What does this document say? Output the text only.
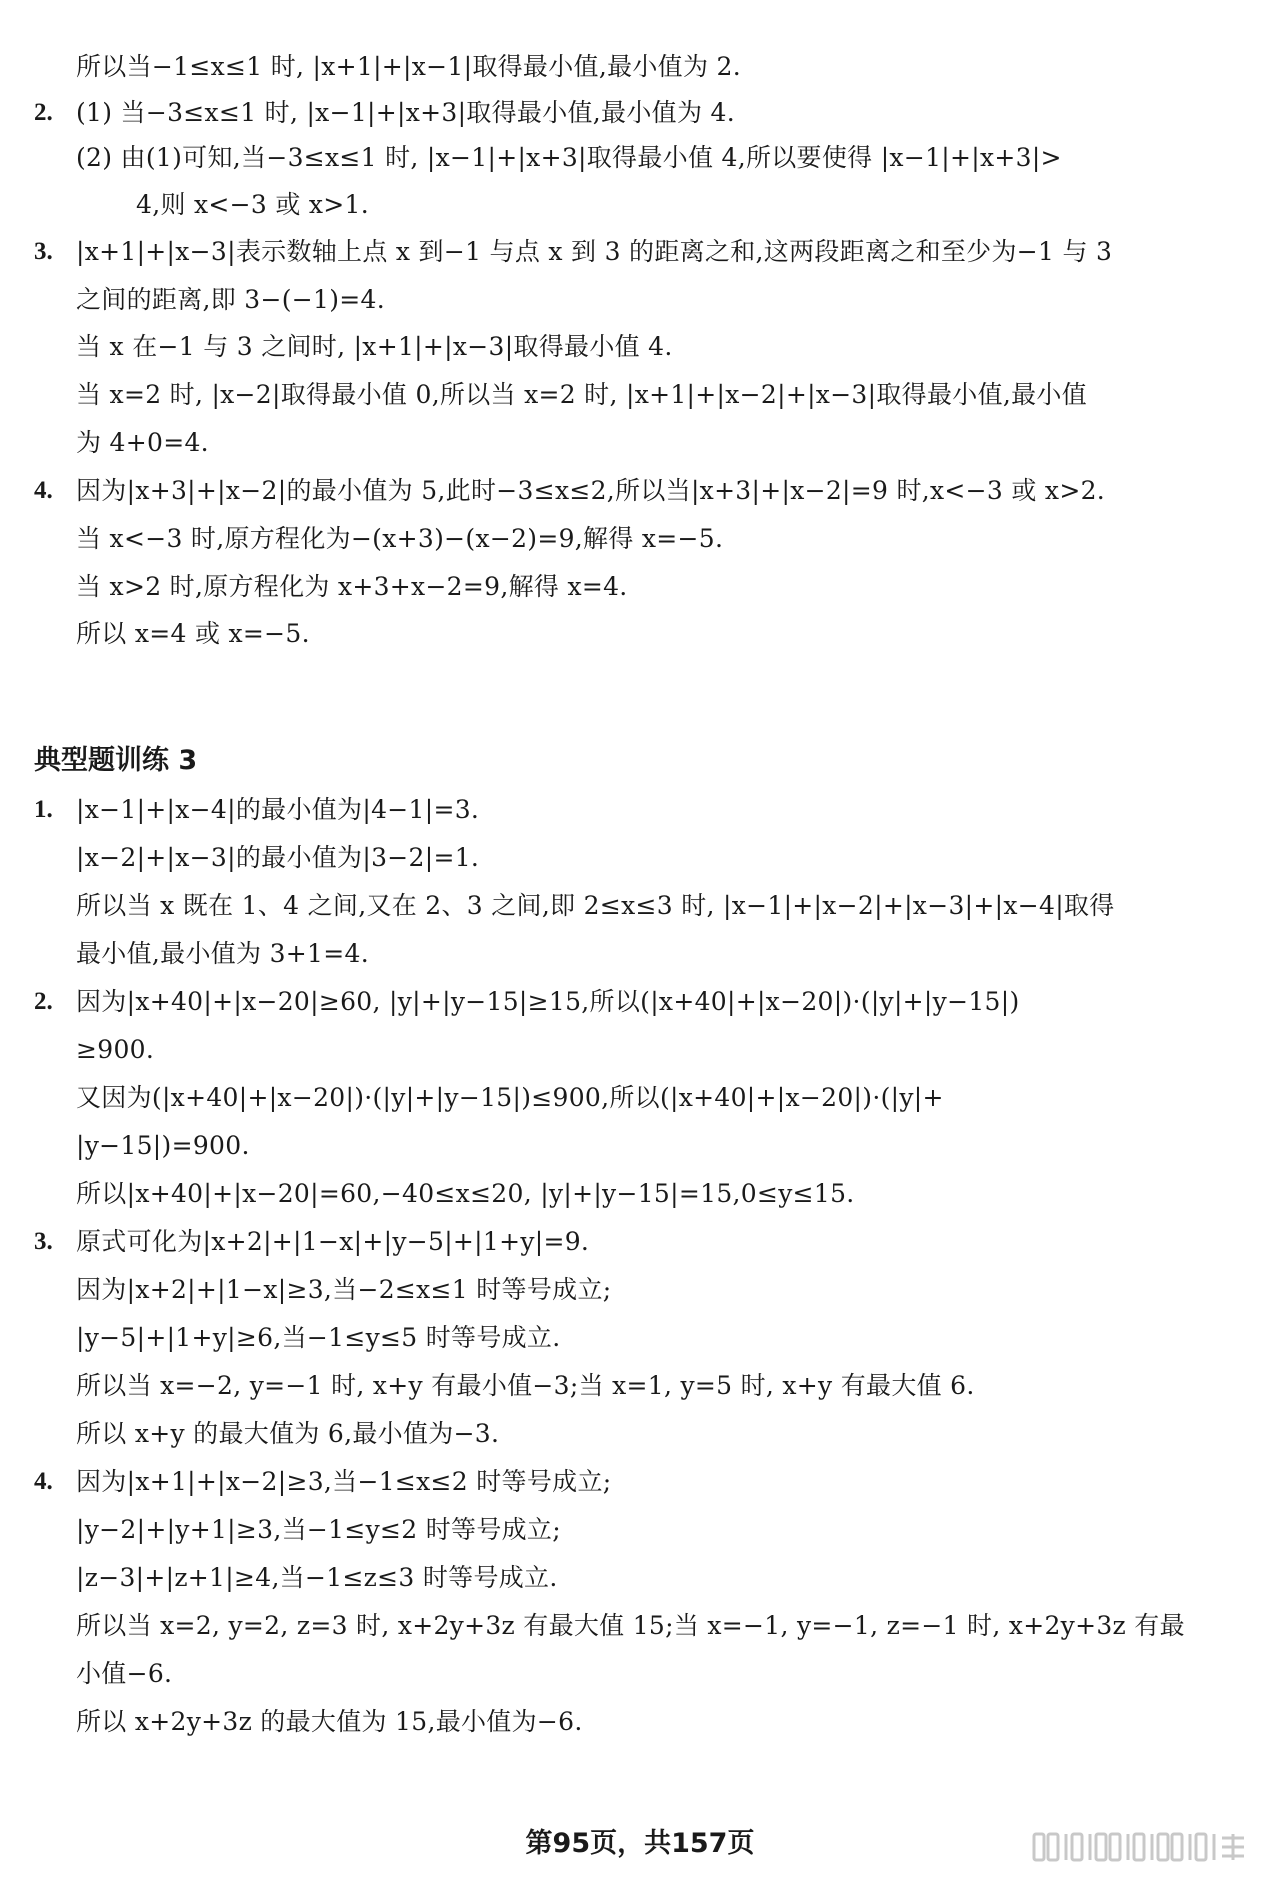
所以当−1≤x≤1 时, |x+1|+|x−1|取得最小值,最小值为 2.
2. (1) 当−3≤x≤1 时, |x−1|+|x+3|取得最小值,最小值为 4.
(2) 由(1)可知,当−3≤x≤1 时, |x−1|+|x+3|取得最小值 4,所以要使得 |x−1|+|x+3|>
4,则 x<−3 或 x>1.
3. |x+1|+|x−3|表示数轴上点 x 到−1 与点 x 到 3 的距离之和,这两段距离之和至少为−1 与 3
之间的距离,即 3−(−1)=4.
当 x 在−1 与 3 之间时, |x+1|+|x−3|取得最小值 4.
当 x=2 时, |x−2|取得最小值 0,所以当 x=2 时, |x+1|+|x−2|+|x−3|取得最小值,最小值
为 4+0=4.
4. 因为|x+3|+|x−2|的最小值为 5,此时−3≤x≤2,所以当|x+3|+|x−2|=9 时,x<−3 或 x>2.
当 x<−3 时,原方程化为−(x+3)−(x−2)=9,解得 x=−5.
当 x>2 时,原方程化为 x+3+x−2=9,解得 x=4.
所以 x=4 或 x=−5.
典型题训练 3
1. |x−1|+|x−4|的最小值为|4−1|=3.
|x−2|+|x−3|的最小值为|3−2|=1.
所以当 x 既在 1、4 之间,又在 2、3 之间,即 2≤x≤3 时, |x−1|+|x−2|+|x−3|+|x−4|取得
最小值,最小值为 3+1=4.
2. 因为|x+40|+|x−20|≥60, |y|+|y−15|≥15,所以(|x+40|+|x−20|)·(|y|+|y−15|)
≥900.
又因为(|x+40|+|x−20|)·(|y|+|y−15|)≤900,所以(|x+40|+|x−20|)·(|y|+
|y−15|)=900.
所以|x+40|+|x−20|=60,−40≤x≤20, |y|+|y−15|=15,0≤y≤15.
3. 原式可化为|x+2|+|1−x|+|y−5|+|1+y|=9.
因为|x+2|+|1−x|≥3,当−2≤x≤1 时等号成立;
|y−5|+|1+y|≥6,当−1≤y≤5 时等号成立.
所以当 x=−2, y=−1 时, x+y 有最小值−3;当 x=1, y=5 时, x+y 有最大值 6.
所以 x+y 的最大值为 6,最小值为−3.
4. 因为|x+1|+|x−2|≥3,当−1≤x≤2 时等号成立;
|y−2|+|y+1|≥3,当−1≤y≤2 时等号成立;
|z−3|+|z+1|≥4,当−1≤z≤3 时等号成立.
所以当 x=2, y=2, z=3 时, x+2y+3z 有最大值 15;当 x=−1, y=−1, z=−1 时, x+2y+3z 有最
小值−6.
所以 x+2y+3z 的最大值为 15,最小值为−6.
第95页，共157页
